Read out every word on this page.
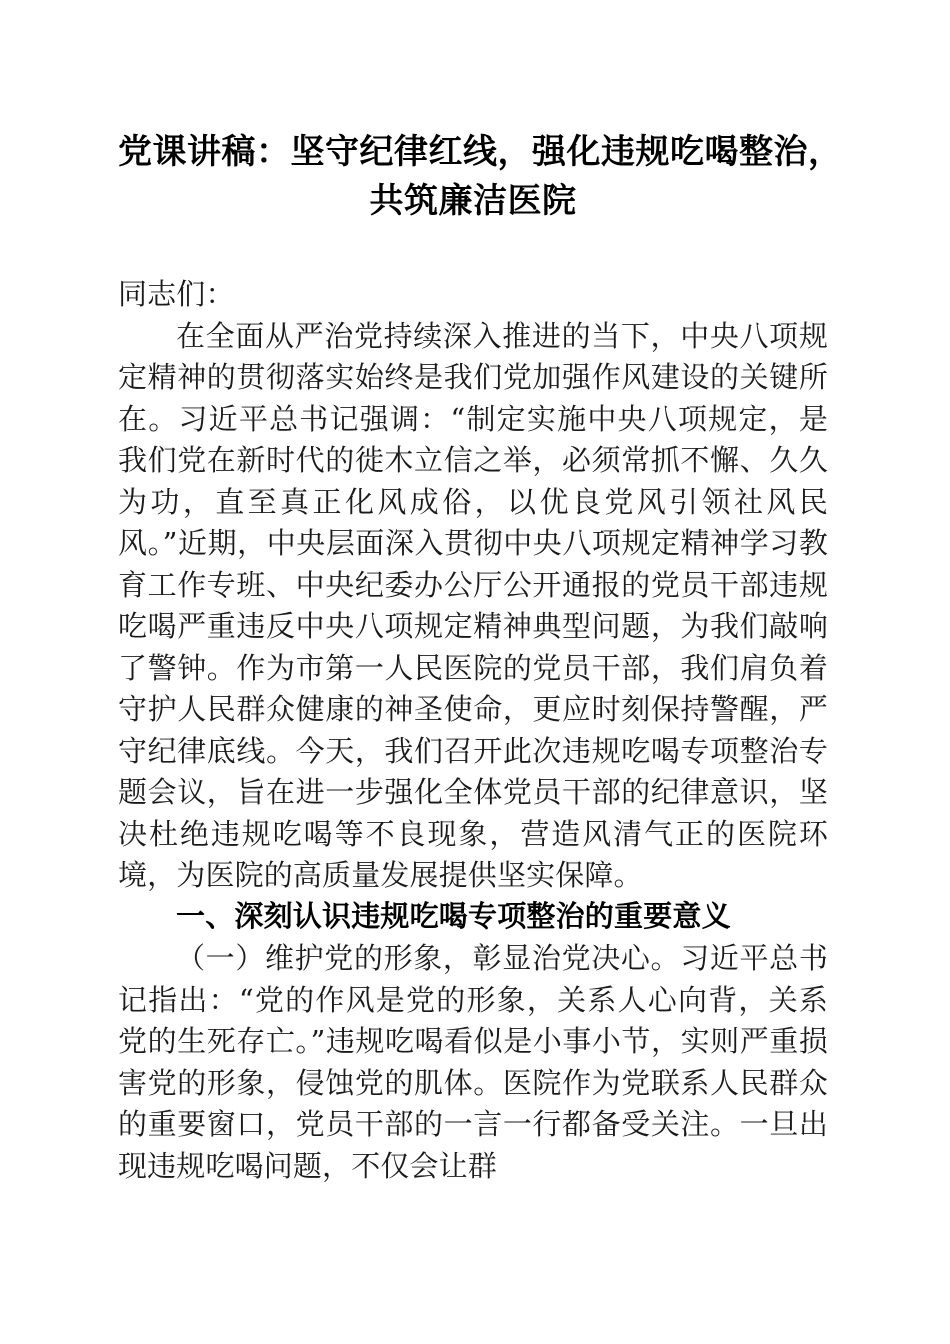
党课讲稿：坚守纪律红线，强化违规吃喝整治，
共筑廉洁医院

同志们：

在全面从严治党持续深入推进的当下，中央八项规定精神的贯彻落实始终是我们党加强作风建设的关键所在。习近平总书记强调：“制定实施中央八项规定，是我们党在新时代的徙木立信之举，必须常抓不懈、久久为功，直至真正化风成俗，以优良党风引领社风民风。”近期，中央层面深入贯彻中央八项规定精神学习教育工作专班、中央纪委办公厅公开通报的党员干部违规吃喝严重违反中央八项规定精神典型问题，为我们敲响了警钟。作为市第一人民医院的党员干部，我们肩负着守护人民群众健康的神圣使命，更应时刻保持警醒，严守纪律底线。今天，我们召开此次违规吃喝专项整治专题会议，旨在进一步强化全体党员干部的纪律意识，坚决杜绝违规吃喝等不良现象，营造风清气正的医院环境，为医院的高质量发展提供坚实保障。

一、深刻认识违规吃喝专项整治的重要意义

（一）维护党的形象，彰显治党决心。习近平总书记指出：“党的作风是党的形象，关系人心向背，关系党的生死存亡。”违规吃喝看似是小事小节，实则严重损害党的形象，侵蚀党的肌体。医院作为党联系人民群众的重要窗口，党员干部的一言一行都备受关注。一旦出现违规吃喝问题，不仅会让群
